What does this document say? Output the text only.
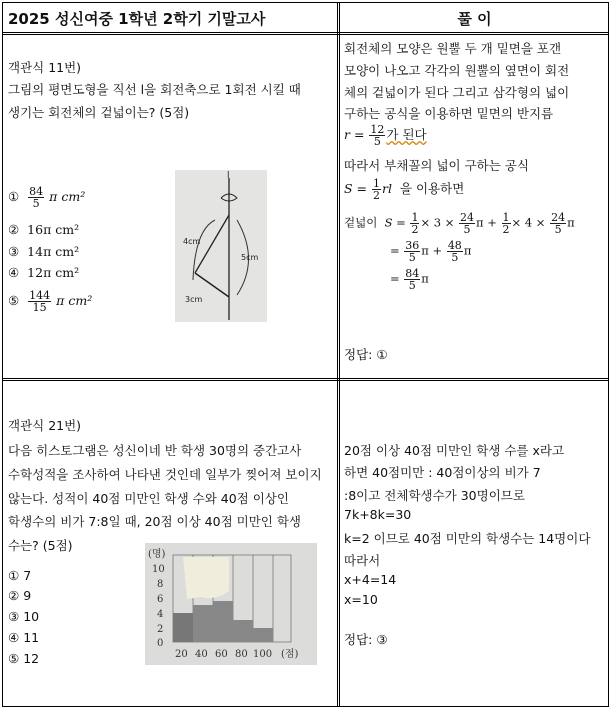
2025 성신여중 1학년 2학기 기말고사	풀 이
객관식 11번)
그림의 평면도형을 직선 l을 회전축으로 1회전 시킬 때
생기는 회전체의 겉넓이는? (5점)
① $\frac{84}{5}$ π cm²
② 16π cm²
③ 14π cm²
④ 12π cm²
⑤ $\frac{144}{15}$ π cm²
l
4cm
5cm
3cm
회전체의 모양은 원뿔 두 개 밑면을 포갠
모양이 나오고 각각의 원뿔의 옆면이 회전
체의 겉넓이가 된다 그리고 삼각형의 넓이
구하는 공식을 이용하면 밑면의 반지름
$r = \frac{12}{5}$ 가 된다
따라서 부채꼴의 넓이 구하는 공식
$S = \frac{1}{2}$ rl 을 이용하면
겉넓이 $S = \frac{1}{2} \times 3 \times \frac{24}{5}$ $\pi + \frac{1}{2} \times 4 \times \frac{24}{5}$ π
= $\frac{36}{5}$ $\pi + \frac{48}{5}$ π
= $\frac{84}{5}$ π
정답: ①
객관식 21번)
다음 히스토그램은 성신이네 반 학생 30명의 중간고사
수학성적을 조사하여 나타낸 것인데 일부가 찢어져 보이지
않는다. 성적이 40점 미만인 학생 수와 40점 이상인
학생수의 비가 7:8일 때, 20점 이상 40점 미만인 학생
수는? (5점)
① 7
② 9
③ 10
④ 11
⑤ 12
(명)
0
2
4
6
8
10
20 40 60 80 100 (점)
20점 이상 40점 미만인 학생 수를 x라고
하면 40점미만 : 40점이상의 비가 7
:8이고 전체학생수가 30명이므로
7k+8k=30
k=2 이므로 40점 미만의 학생수는 14명이다
따라서
x+4=14
x=10
정답: ③
